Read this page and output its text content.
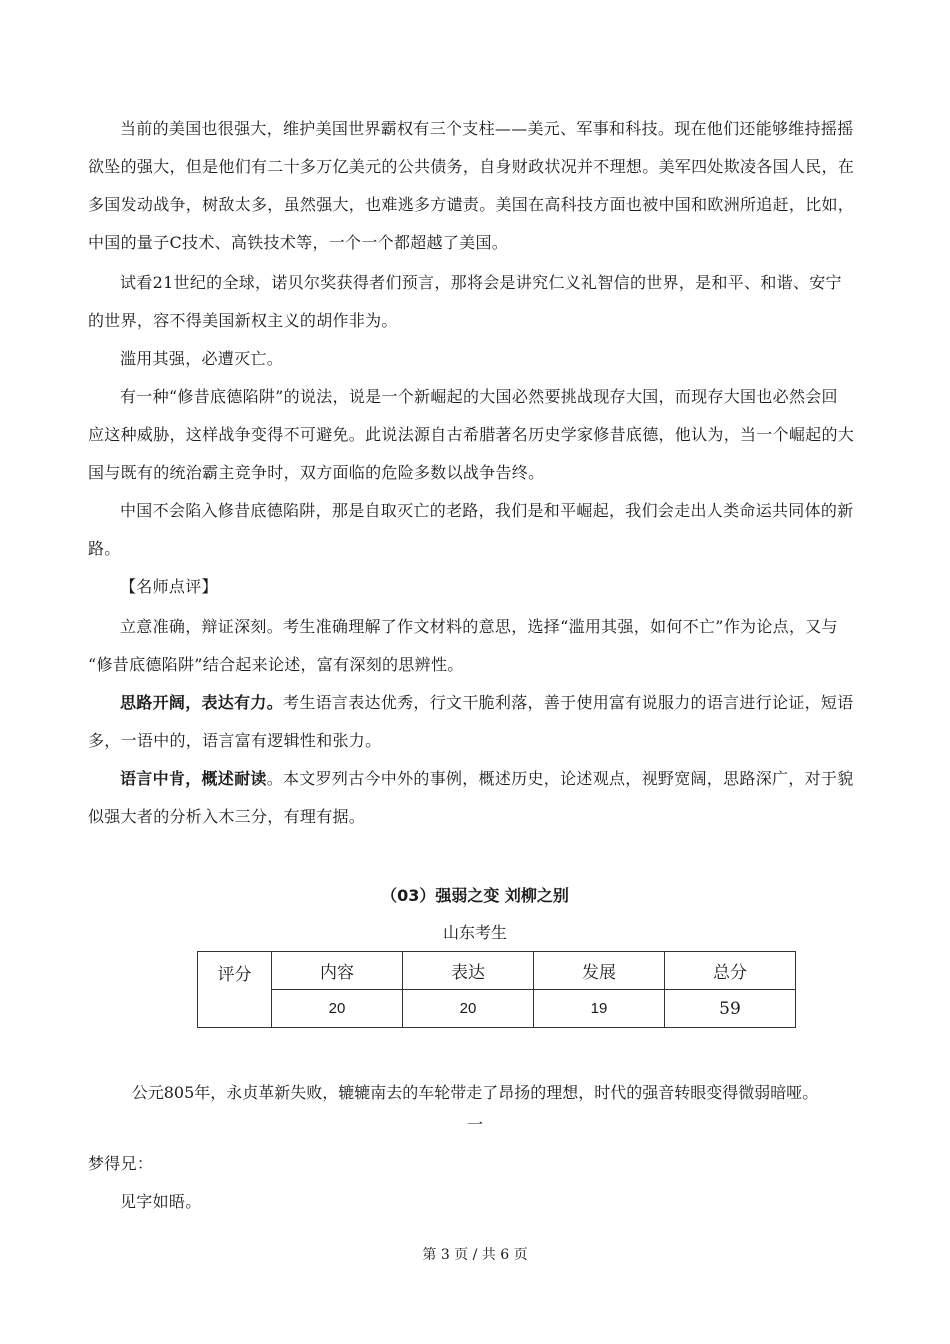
当前的美国也很强大，维护美国世界霸权有三个支柱——美元、军事和科技。现在他们还能够维持摇摇
欲坠的强大，但是他们有二十多万亿美元的公共债务，自身财政状况并不理想。美军四处欺凌各国人民，在
多国发动战争，树敌太多，虽然强大，也难逃多方谴责。美国在高科技方面也被中国和欧洲所追赶，比如，
中国的量子C技术、高铁技术等，一个一个都超越了美国。

试看21世纪的全球，诺贝尔奖获得者们预言，那将会是讲究仁义礼智信的世界，是和平、和谐、安宁
的世界，容不得美国新权主义的胡作非为。

滥用其强，必遭灭亡。

有一种“修昔底德陷阱”的说法，说是一个新崛起的大国必然要挑战现存大国，而现存大国也必然会回
应这种威胁，这样战争变得不可避免。此说法源自古希腊著名历史学家修昔底德，他认为，当一个崛起的大
国与既有的统治霸主竞争时，双方面临的危险多数以战争告终。

中国不会陷入修昔底德陷阱，那是自取灭亡的老路，我们是和平崛起，我们会走出人类命运共同体的新
路。

【名师点评】

立意准确，辩证深刻。考生准确理解了作文材料的意思，选择“滥用其强，如何不亡”作为论点，又与
“修昔底德陷阱”结合起来论述，富有深刻的思辨性。

思路开阔，表达有力。考生语言表达优秀，行文干脆利落，善于使用富有说服力的语言进行论证，短语
多，一语中的，语言富有逻辑性和张力。

语言中肯，概述耐读。本文罗列古今中外的事例，概述历史，论述观点，视野宽阔，思路深广，对于貌
似强大者的分析入木三分，有理有据。

（03）强弱之变 刘柳之别
山东考生
评分	内容	表达	发展	总分
	20	20	19	59
公元805年，永贞革新失败，辘辘南去的车轮带走了昂扬的理想，时代的强音转眼变得微弱暗哑。
一
梦得兄：

见字如晤。

第 3 页 / 共 6 页
